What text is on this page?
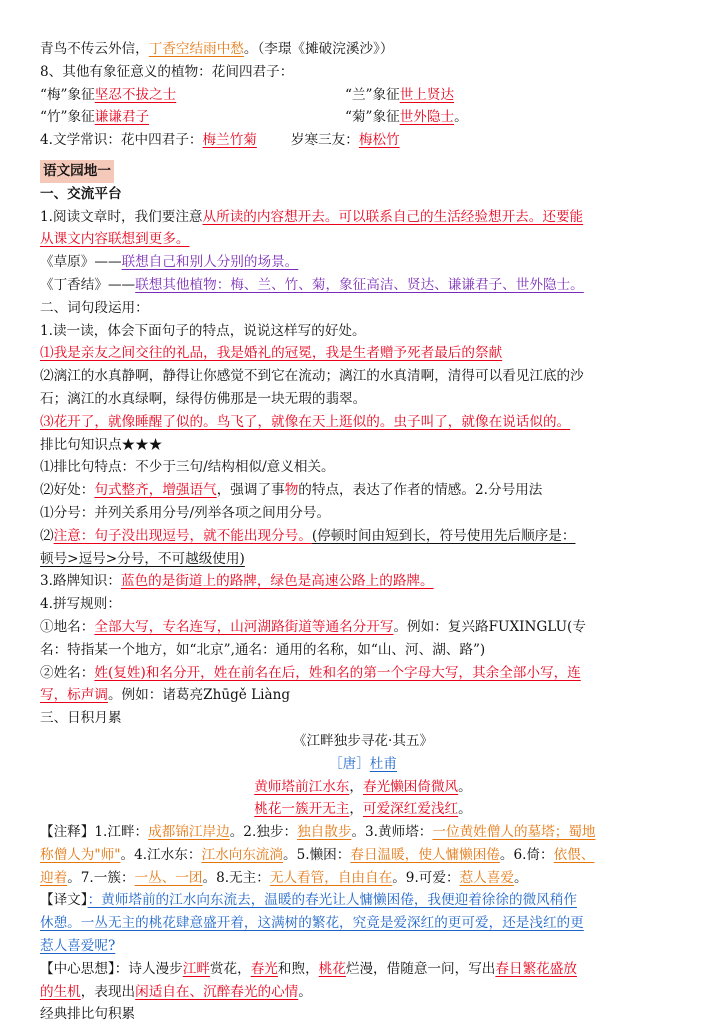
青鸟不传云外信，丁香空结雨中愁。（李璟《摊破浣溪沙》）
8、其他有象征意义的植物：花间四君子：
“梅”象征坚忍不拔之士	“兰”象征世上贤达
“竹”象征谦谦君子	“菊”象征世外隐士。
4.文学常识：花中四君子：梅兰竹菊	岁寒三友：梅松竹
语文园地一
一、交流平台
1.阅读文章时，我们要注意从所读的内容想开去。可以联系自己的生活经验想开去。还要能
从课文内容联想到更多。
《草原》——联想自己和别人分别的场景。
《丁香结》——联想其他植物：梅、兰、竹、菊，象征高洁、贤达、谦谦君子、世外隐士。
二、词句段运用：
1.读一读，体会下面句子的特点，说说这样写的好处。
⑴我是亲友之间交往的礼品，我是婚礼的冠冕，我是生者赠予死者最后的祭献
⑵漓江的水真静啊，静得让你感觉不到它在流动；漓江的水真清啊，清得可以看见江底的沙
石；漓江的水真绿啊，绿得仿佛那是一块无瑕的翡翠。
⑶花开了，就像睡醒了似的。鸟飞了，就像在天上逛似的。虫子叫了，就像在说话似的。
排比句知识点★★★
⑴排比句特点：不少于三句/结构相似/意义相关。
⑵好处：句式整齐，增强语气，强调了事物的特点，表达了作者的情感。2.分号用法
⑴分号：并列关系用分号/列举各项之间用分号。
⑵注意：句子没出现逗号，就不能出现分号。(停顿时间由短到长，符号使用先后顺序是：
顿号>逗号>分号，不可越级使用)
3.路牌知识：蓝色的是街道上的路牌，绿色是高速公路上的路牌。
4.拼写规则：
①地名：全部大写，专名连写，山河湖路街道等通名分开写。例如：复兴路FUXINGLU(专
名：特指某一个地方，如“北京”,通名：通用的名称，如“山、河、湖、路”)
②姓名：姓(复姓)和名分开，姓在前名在后，姓和名的第一个字母大写，其余全部小写，连
写，标声调。例如：诸葛亮Zhūgě Liàng
三、日积月累
《江畔独步寻花·其五》
［唐］杜甫
黄师塔前江水东，春光懒困倚微风。
桃花一簇开无主，可爱深红爱浅红。
【注释】1.江畔：成都锦江岸边。2.独步：独自散步。3.黄师塔：一位黄姓僧人的墓塔；蜀地
称僧人为"师"。4.江水东：江水向东流淌。5.懒困：春日温暖，使人慵懒困倦。6.倚：依偎、
迎着。7.一簇：一丛、一团。8.无主：无人看管，自由自在。9.可爱：惹人喜爱。
【译文】：黄师塔前的江水向东流去，温暖的春光让人慵懒困倦，我便迎着徐徐的微风稍作
休憩。一丛无主的桃花肆意盛开着，这满树的繁花，究竟是爱深红的更可爱，还是浅红的更
惹人喜爱呢?
【中心思想】：诗人漫步江畔赏花，春光和煦，桃花烂漫，借随意一问，写出春日繁花盛放
的生机，表现出闲适自在、沉醉春光的心情。
经典排比句积累
